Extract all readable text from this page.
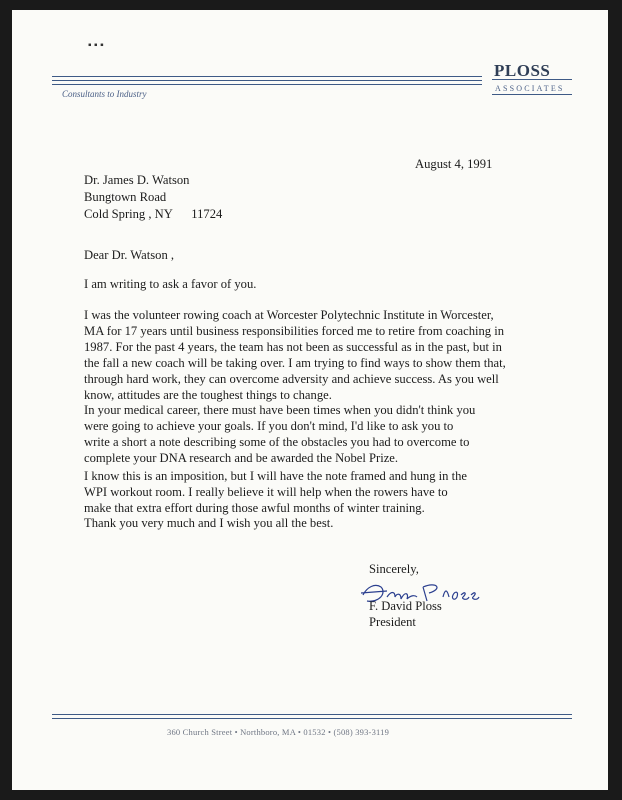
▪ ▪ ▪
Consultants to Industry
PLOSS
ASSOCIATES
August 4, 1991
Dr. James D. Watson
Bungtown Road
Cold Spring , NY      11724
Dear Dr. Watson ,
I am writing to ask a favor of you.
I was the volunteer rowing coach at Worcester Polytechnic Institute in Worcester,
MA for 17 years until business responsibilities forced me to retire from coaching in
1987. For the past 4 years, the team has not been as successful as in the past, but in
the fall a new coach will be taking over. I am trying to find ways to show them that,
through hard work, they can overcome adversity and achieve success. As you well
know, attitudes are the toughest things to change.
In your medical career, there must have been times when you didn't think you
were going to achieve your goals. If you don't mind, I'd like to ask you to
write a short a note describing some of the obstacles you had to overcome to
complete your DNA research and be awarded the Nobel Prize.
I know this is an imposition, but I will have the note framed and hung in the
WPI workout room. I really believe it will help when the rowers have to
make that extra effort during those awful months of winter training.
Thank you very much and I wish you all the best.
Sincerely,
F. David Ploss
President
360 Church Street • Northboro, MA • 01532 • (508) 393-3119
